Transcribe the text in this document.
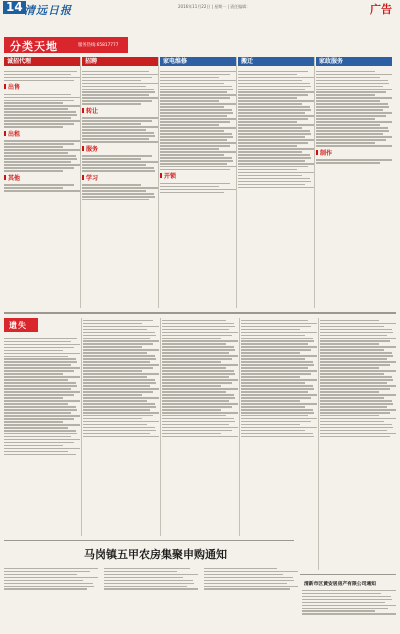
14 清远日报	2016年11月22日 | 星期一 | 责任编辑：	广告
分类天地	服务热线:65817777
诚招代理
出售
出租
其他
招聘
转让
服务
学习
家电维修
开锁
搬迁	家政服务
制作
遗失
马岗镇五甲农房集聚申购通知
清新市区黄安居房产有限公司通知
